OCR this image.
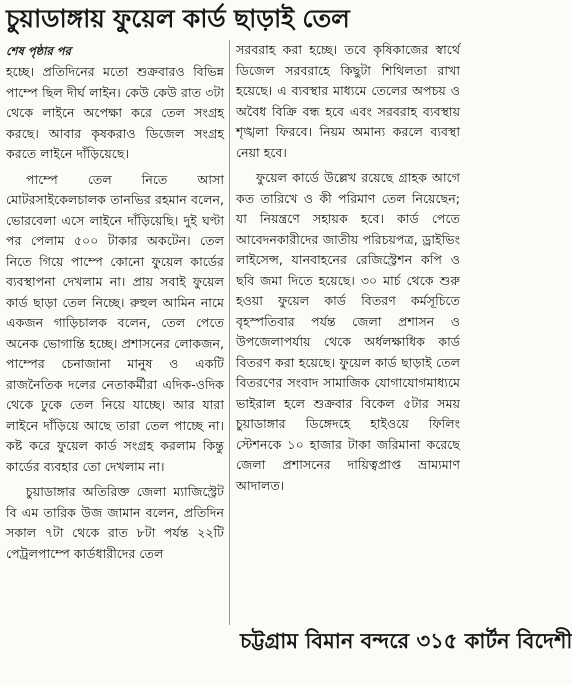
চুয়াডাঙ্গায় ফুয়েল কার্ড ছাড়াই তেল
শেষ পৃষ্ঠার পর

হচ্ছে। প্রতিদিনের মতো শুক্রবারও বিভিন্ন পাম্পে ছিল দীর্ঘ লাইন। কেউ কেউ রাত ৩টা থেকে লাইনে অপেক্ষা করে তেল সংগ্রহ করছে। আবার কৃষকরাও ডিজেল সংগ্রহ করতে লাইনে দাঁড়িয়েছে।

পাম্পে তেল নিতে আসা মোটরসাইকেলচালক তানভির রহমান বলেন, ভোরবেলা এসে লাইনে দাঁড়িয়েছি। দুই ঘণ্টা পর পেলাম ৫০০ টাকার অকটেন। তেল নিতে গিয়ে পাম্পে কোনো ফুয়েল কার্ডের ব্যবস্থাপনা দেখলাম না। প্রায় সবাই ফুয়েল কার্ড ছাড়া তেল নিচ্ছে। রুহুল আমিন নামে একজন গাড়িচালক বলেন, তেল পেতে অনেক ভোগান্তি হচ্ছে। প্রশাসনের লোকজন, পাম্পের চেনাজানা মানুষ ও একটি রাজনৈতিক দলের নেতাকর্মীরা এদিক-ওদিক থেকে ঢুকে তেল নিয়ে যাচ্ছে। আর যারা লাইনে দাঁড়িয়ে আছে তারা তেল পাচ্ছে না। কষ্ট করে ফুয়েল কার্ড সংগ্রহ করলাম কিন্তু কার্ডের ব্যবহার তো দেখলাম না।

চুয়াডাঙ্গার অতিরিক্ত জেলা ম্যাজিস্ট্রেট বি এম তারিক উজ জামান বলেন, প্রতিদিন সকাল ৭টা থেকে রাত ৮টা পর্যন্ত ২২টি পেট্রলপাম্পে কার্ডধারীদের তেল

সরবরাহ করা হচ্ছে। তবে কৃষিকাজের স্বার্থে ডিজেল সরবরাহে কিছুটা শিথিলতা রাখা হয়েছে। এ ব্যবস্থার মাধ্যমে তেলের অপচয় ও অবৈধ বিক্রি বন্ধ হবে এবং সরবরাহ ব্যবস্থায় শৃঙ্খলা ফিরবে। নিয়ম অমান্য করলে ব্যবস্থা নেয়া হবে।

ফুয়েল কার্ডে উল্লেখ রয়েছে গ্রাহক আগে কত তারিখে ও কী পরিমাণ তেল নিয়েছেন; যা নিয়ন্ত্রণে সহায়ক হবে। কার্ড পেতে আবেদনকারীদের জাতীয় পরিচয়পত্র, ড্রাইভিং লাইসেন্স, যানবাহনের রেজিস্ট্রেশন কপি ও ছবি জমা দিতে হয়েছে। ৩০ মার্চ থেকে শুরু হওয়া ফুয়েল কার্ড বিতরণ কর্মসূচিতে বৃহস্পতিবার পর্যন্ত জেলা প্রশাসন ও উপজেলাপর্যায় থেকে অর্ধলক্ষাধিক কার্ড বিতরণ করা হয়েছে। ফুয়েল কার্ড ছাড়াই তেল বিতরণের সংবাদ সামাজিক যোগাযোগমাধ্যমে ভাইরাল হলে শুক্রবার বিকেল ৫টার সময় চুয়াডাঙ্গার ডিঙ্গেদহে হাইওয়ে ফিলিং স্টেশনকে ১০ হাজার টাকা জরিমানা করেছে জেলা প্রশাসনের দায়িত্বপ্রাপ্ত ভ্রাম্যমাণ আদালত।

চট্টগ্রাম বিমান বন্দরে ৩১৫ কার্টন বিদেশী
